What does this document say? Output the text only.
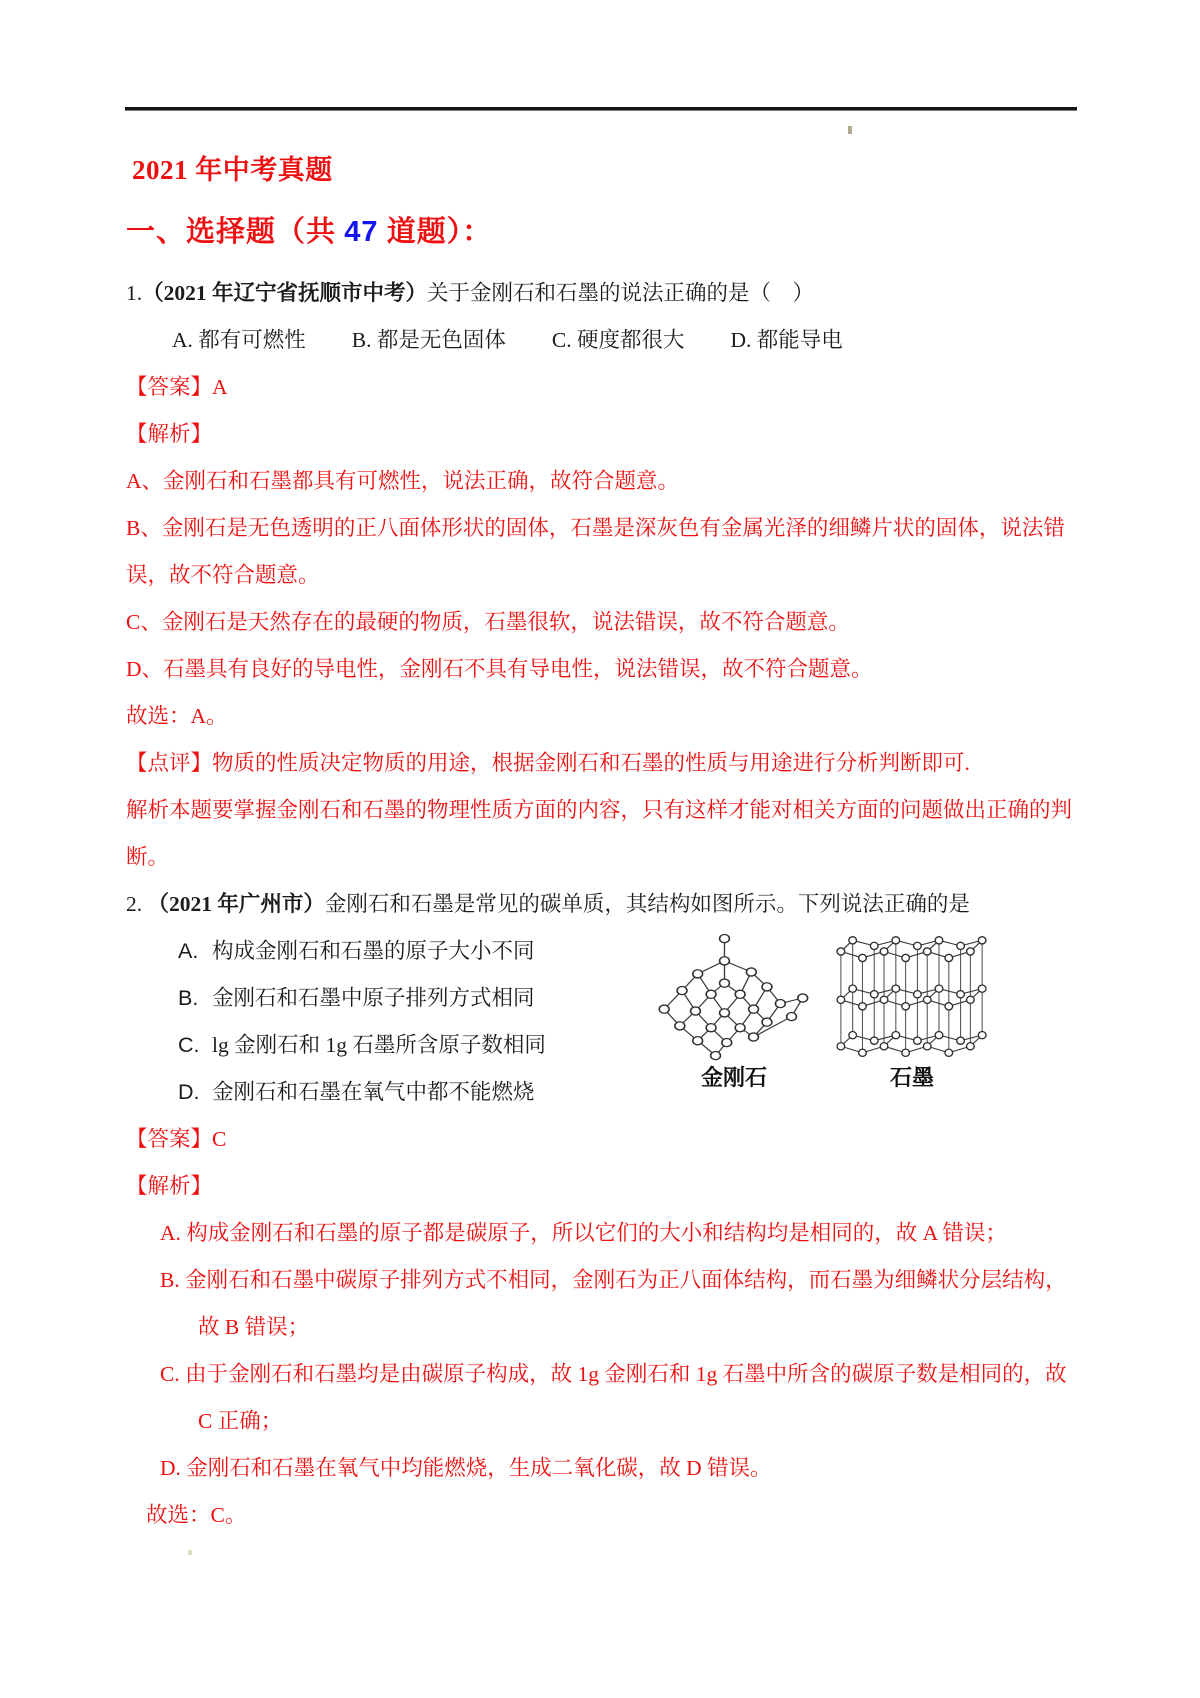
2021 年中考真题
一、选择题（共 47 道题）：

1.（2021 年辽宁省抚顺市中考）关于金刚石和石墨的说法正确的是（　）

A. 都有可燃性 B. 都是无色固体 C. 硬度都很大 D. 都能导电

【答案】A

【解析】

A、金刚石和石墨都具有可燃性，说法正确，故符合题意。

B、金刚石是无色透明的正八面体形状的固体，石墨是深灰色有金属光泽的细鳞片状的固体，说法错误，故不符合题意。

C、金刚石是天然存在的最硬的物质，石墨很软，说法错误，故不符合题意。

D、石墨具有良好的导电性，金刚石不具有导电性，说法错误，故不符合题意。

故选：A。

【点评】物质的性质决定物质的用途，根据金刚石和石墨的性质与用途进行分析判断即可.

解析本题要掌握金刚石和石墨的物理性质方面的内容，只有这样才能对相关方面的问题做出正确的判断。

2. （2021 年广州市）金刚石和石墨是常见的碳单质，其结构如图所示。下列说法正确的是

A. 构成金刚石和石墨的原子大小不同

B. 金刚石和石墨中原子排列方式相同

C. lg 金刚石和 1g 石墨所含原子数相同

D. 金刚石和石墨在氧气中都不能燃烧

金刚石	石墨

【答案】C

【解析】

A. 构成金刚石和石墨的原子都是碳原子，所以它们的大小和结构均是相同的，故 A 错误；

B. 金刚石和石墨中碳原子排列方式不相同，金刚石为正八面体结构，而石墨为细鳞状分层结构，故 B 错误；

C. 由于金刚石和石墨均是由碳原子构成，故 1g 金刚石和 1g 石墨中所含的碳原子数是相同的，故 C 正确；

D. 金刚石和石墨在氧气中均能燃烧，生成二氧化碳，故 D 错误。

故选：C。
